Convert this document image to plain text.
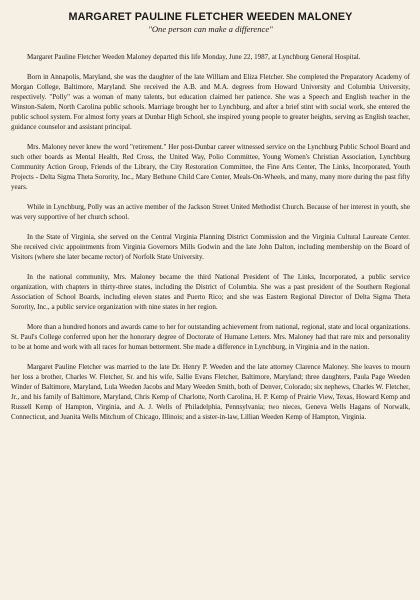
MARGARET PAULINE FLETCHER WEEDEN MALONEY
"One person can make a difference"

Margaret Pauline Fletcher Weeden Maloney departed this life Monday, June 22, 1987, at Lynchburg General Hospital.

Born in Annapolis, Maryland, she was the daughter of the late William and Eliza Fletcher. She completed the Preparatory Academy of Morgan College, Baltimore, Maryland. She received the A.B. and M.A. degrees from Howard University and Columbia University, respectively. "Polly" was a woman of many talents, but education claimed her patience. She was a Speech and English teacher in the Winston-Salem, North Carolina public schools. Marriage brought her to Lynchburg, and after a brief stint with social work, she entered the public school system. For almost forty years at Dunbar High School, she inspired young people to greater heights, serving as English teacher, guidance counselor and assistant principal.

Mrs. Maloney never knew the word "retirement." Her post-Dunbar career witnessed service on the Lynchburg Public School Board and such other boards as Mental Health, Red Cross, the United Way, Polio Committee, Young Women's Christian Association, Lynchburg Community Action Group, Friends of the Library, the City Restoration Committee, the Fine Arts Center, The Links, Incorporated, Youth Projects - Delta Sigma Theta Sorority, Inc., Mary Bethune Child Care Center, Meals-On-Wheels, and many, many more during the past fifty years.

While in Lynchburg, Polly was an active member of the Jackson Street United Methodist Church. Because of her interest in youth, she was very supportive of her church school.

In the State of Virginia, she served on the Central Virginia Planning District Commission and the Virginia Cultural Laureate Center. She received civic appointments from Virginia Governors Mills Godwin and the late John Dalton, including membership on the Board of Visitors (where she later became rector) of Norfolk State University.

In the national community, Mrs. Maloney became the third National President of The Links, Incorporated, a public service organization, with chapters in thirty-three states, including the District of Columbia. She was a past president of the Southern Regional Association of School Boards, including eleven states and Puerto Rico; and she was Eastern Regional Director of Delta Sigma Theta Sorority, Inc., a public service organization with nine states in her region.

More than a hundred honors and awards came to her for outstanding achievement from national, regional, state and local organizations. St. Paul's College conferred upon her the honorary degree of Doctorate of Humane Letters. Mrs. Maloney had that rare mix and personality to be at home and work with all races for human betterment. She made a difference in Lynchburg, in Virginia and in the nation.

Margaret Pauline Fletcher was married to the late Dr. Henry P. Weeden and the late attorney Clarence Maloney. She leaves to mourn her loss a brother, Charles W. Fletcher, Sr. and his wife, Sallie Evans Fletcher, Baltimore, Maryland; three daughters, Paula Page Weeden Winder of Baltimore, Maryland, Lula Weeden Jacobs and Mary Weeden Smith, both of Denver, Colorado; six nephews, Charles W. Fletcher, Jr., and his family of Baltimore, Maryland, Chris Kemp of Charlotte, North Carolina, H. P. Kemp of Prairie View, Texas, Howard Kemp and Russell Kemp of Hampton, Virginia, and A. J. Wells of Philadelphia, Pennsylvania; two nieces, Geneva Wells Hagans of Norwalk, Connecticut, and Juanita Wells Mitchum of Chicago, Illinois; and a sister-in-law, Lillian Weeden Kemp of Hampton, Virginia.
